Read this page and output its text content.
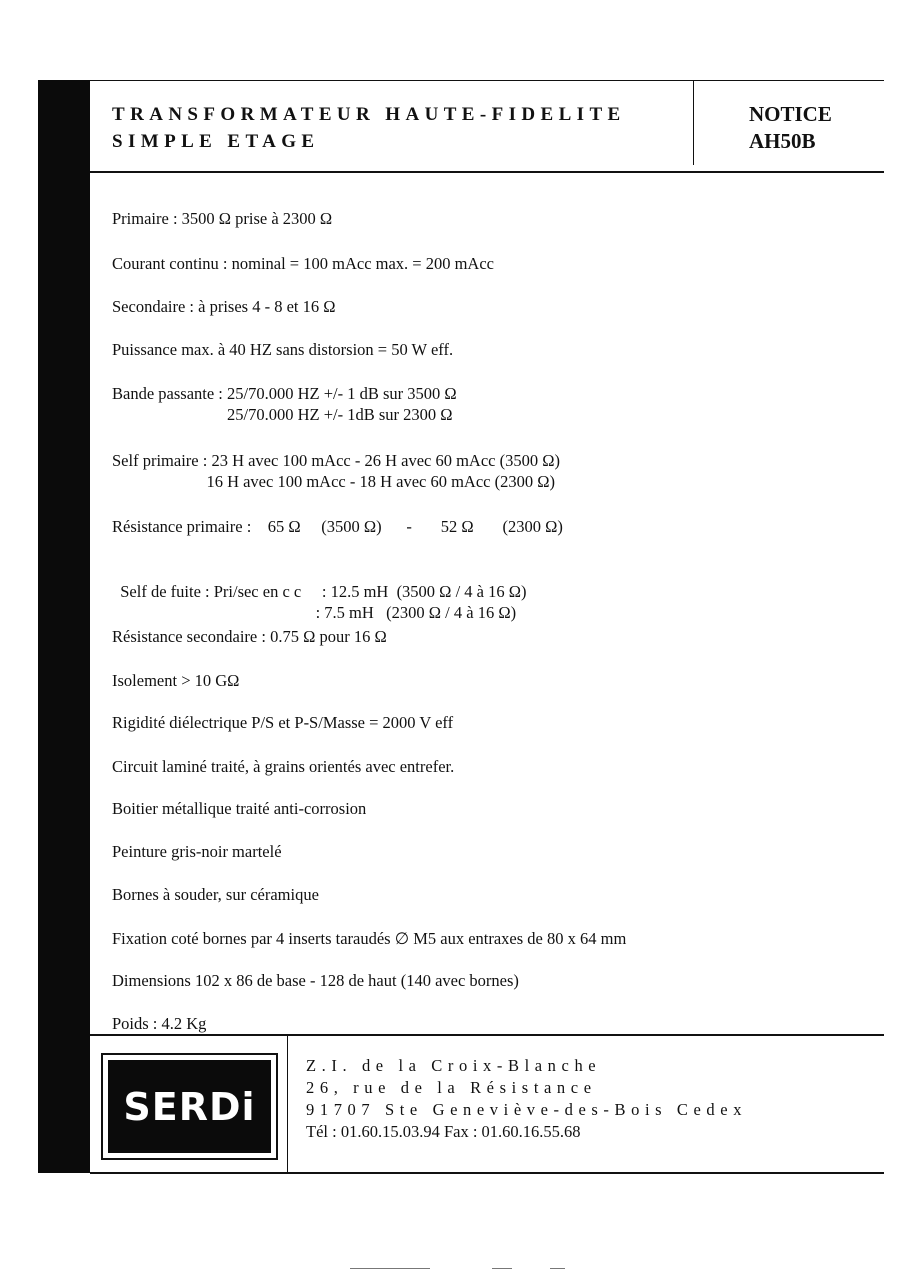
TRANSFORMATEUR HAUTE-FIDELITE
SIMPLE ETAGE
NOTICE
AH50B
Primaire : 3500 Ω prise à 2300 Ω
Courant continu : nominal = 100 mAcc max. = 200 mAcc
Secondaire : à prises 4 - 8 et 16 Ω
Puissance max. à 40 HZ sans distorsion = 50 W eff.
Bande passante : 25/70.000 HZ +/- 1 dB sur 3500 Ω
25/70.000 HZ +/- 1dB sur 2300 Ω
Self primaire : 23 H avec 100 mAcc - 26 H avec 60 mAcc (3500 Ω)
16 H avec 100 mAcc - 18 H avec 60 mAcc (2300 Ω)
Résistance primaire :    65 Ω     (3500 Ω)      -       52 Ω       (2300 Ω)

Self de fuite : Pri/sec en c c     : 12.5 mH  (3500 Ω / 4 à 16 Ω)
: 7.5 mH   (2300 Ω / 4 à 16 Ω)

Résistance secondaire : 0.75 Ω pour 16 Ω
Isolement > 10 GΩ
Rigidité diélectrique P/S et P-S/Masse = 2000 V eff
Circuit laminé traité, à grains orientés avec entrefer.
Boitier métallique traité anti-corrosion
Peinture gris-noir martelé
Bornes à souder, sur céramique
Fixation coté bornes par 4 inserts taraudés ∅ M5 aux entraxes de 80 x 64 mm
Dimensions 102 x 86 de base - 128 de haut (140 avec bornes)
Poids : 4.2 Kg
SERDi
Z.I. de la Croix-Blanche
26, rue de la Résistance
91707 Ste Geneviève-des-Bois Cedex
Tél : 01.60.15.03.94 Fax : 01.60.16.55.68
